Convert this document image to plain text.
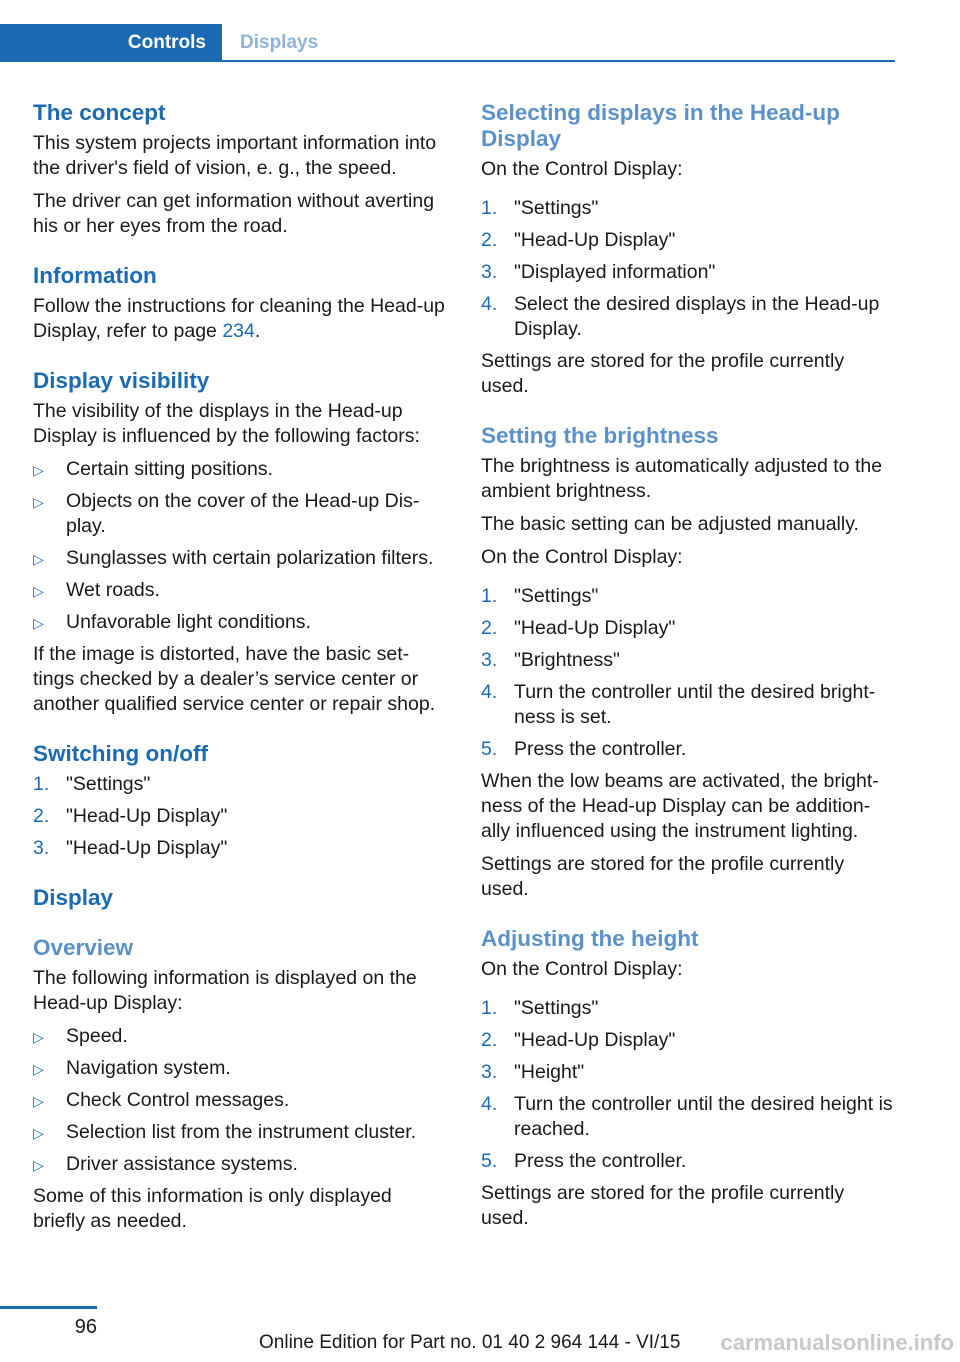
Controls	Displays
The concept

This system projects important information into the driver's field of vision, e. g., the speed.

The driver can get information without averting his or her eyes from the road.

Information

Follow the instructions for cleaning the Head-up Display, refer to page 234.

Display visibility

The visibility of the displays in the Head-up Display is influenced by the following factors:

▷ Certain sitting positions.
▷ Objects on the cover of the Head-up Dis-play.
▷ Sunglasses with certain polarization filters.
▷ Wet roads.
▷ Unfavorable light conditions.

If the image is distorted, have the basic set-tings checked by a dealer’s service center or another qualified service center or repair shop.

Switching on/off
1. "Settings"
2. "Head-Up Display"
3. "Head-Up Display"
Display
Overview

The following information is displayed on the Head-up Display:

▷ Speed.
▷ Navigation system.
▷ Check Control messages.
▷ Selection list from the instrument cluster.
▷ Driver assistance systems.

Some of this information is only displayed briefly as needed.

Selecting displays in the Head-up Display

On the Control Display:

1. "Settings"
2. "Head-Up Display"
3. "Displayed information"
4. Select the desired displays in the Head-up Display.

Settings are stored for the profile currently used.

Setting the brightness

The brightness is automatically adjusted to the ambient brightness.

The basic setting can be adjusted manually.

On the Control Display:

1. "Settings"
2. "Head-Up Display"
3. "Brightness"
4. Turn the controller until the desired bright-ness is set.
5. Press the controller.

When the low beams are activated, the bright-ness of the Head-up Display can be addition-ally influenced using the instrument lighting.

Settings are stored for the profile currently used.

Adjusting the height

On the Control Display:

1. "Settings"
2. "Head-Up Display"
3. "Height"
4. Turn the controller until the desired height is reached.
5. Press the controller.

Settings are stored for the profile currently used.

96
Online Edition for Part no. 01 40 2 964 144 - VI/15 carmanualsonline.info
